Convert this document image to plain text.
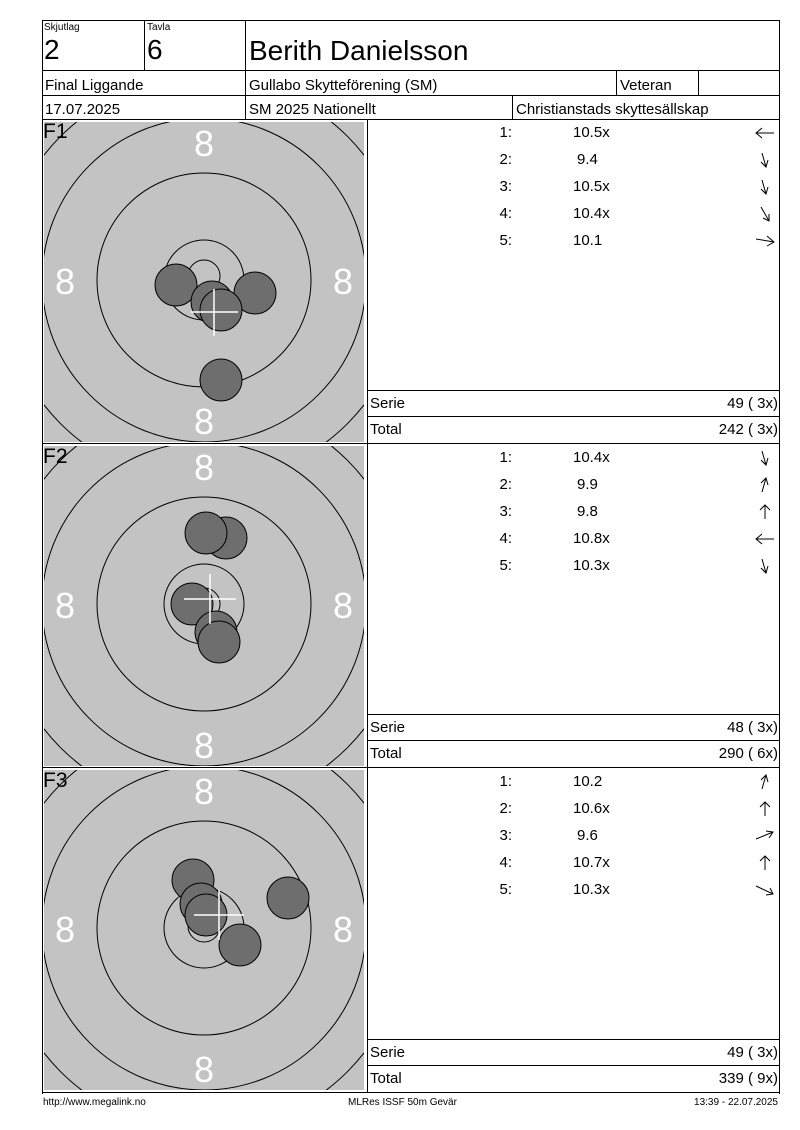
Skjutlag
2
Tavla
6	Berith Danielsson
Final Liggande	Gullabo Skytteförening (SM)	Veteran
17.07.2025	SM 2025 Nationellt	Christianstads skyttesällskap
8
8
8	8
F1	1:	10.5x
2:	9.4
3:	10.5x
4:	10.4x
5:	10.1
Serie	49 ( 3x)
Total	242 ( 3x)
8
8
8	8
F2	1:	10.4x
2:	9.9
3:	9.8
4:	10.8x
5:	10.3x
Serie	48 ( 3x)
Total	290 ( 6x)
8
8
8	8
F3	1:	10.2
2:	10.6x
3:	9.6
4:	10.7x
5:	10.3x
Serie	49 ( 3x)
Total	339 ( 9x)
http://www.megalink.no	MLRes ISSF 50m Gevär	13:39 - 22.07.2025
